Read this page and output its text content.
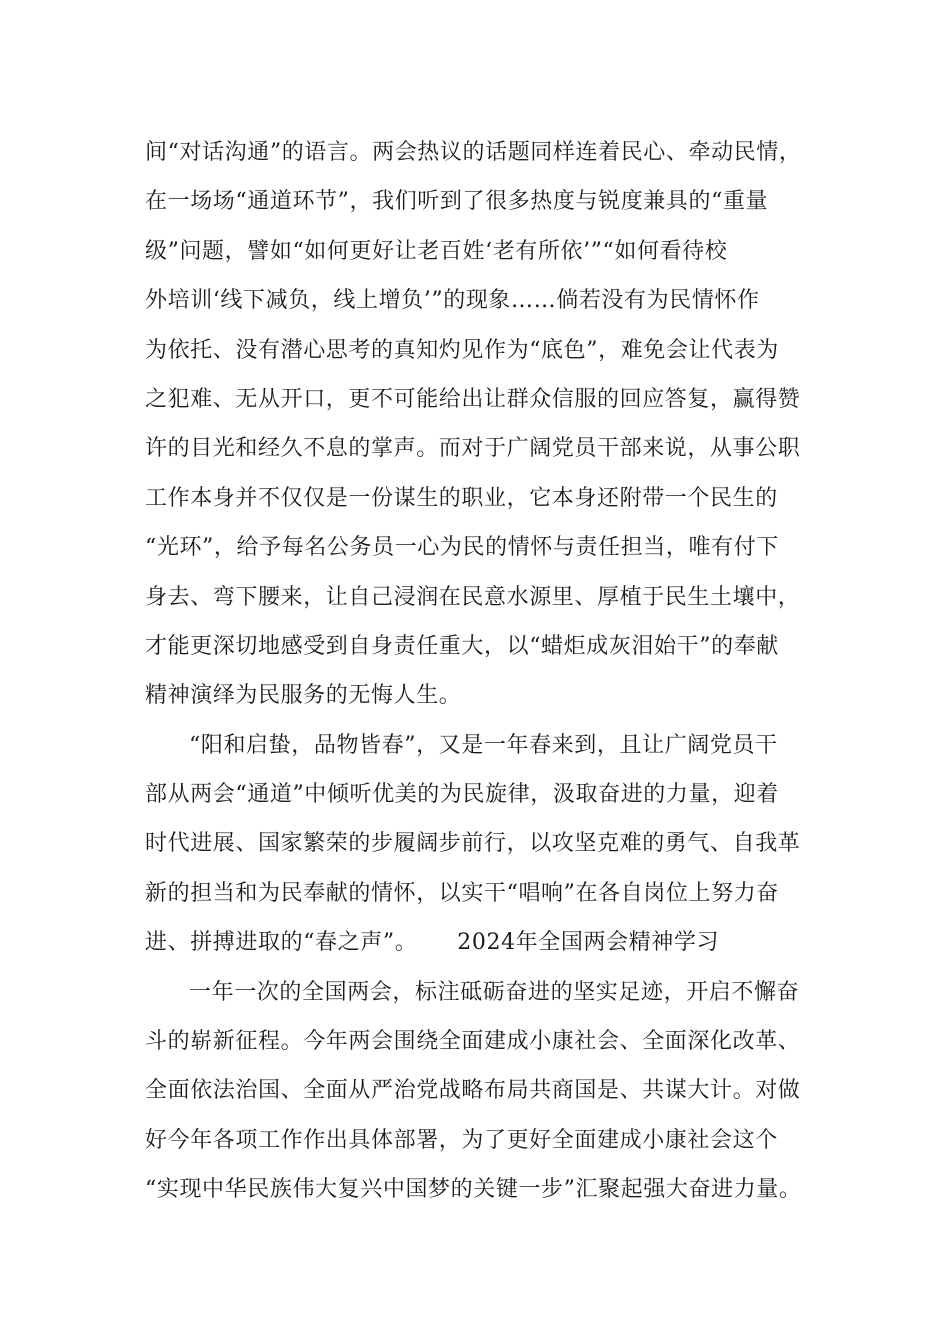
间“对话沟通”的语言。两会热议的话题同样连着民心、牵动民情，
在一场场“通道环节”，我们听到了很多热度与锐度兼具的“重量
级”问题，譬如“如何更好让老百姓‘老有所依’”“如何看待校
外培训‘线下减负，线上增负’”的现象……倘若没有为民情怀作
为依托、没有潜心思考的真知灼见作为“底色”，难免会让代表为
之犯难、无从开口，更不可能给出让群众信服的回应答复，赢得赞
许的目光和经久不息的掌声。而对于广阔党员干部来说，从事公职
工作本身并不仅仅是一份谋生的职业，它本身还附带一个民生的
“光环”，给予每名公务员一心为民的情怀与责任担当，唯有付下
身去、弯下腰来，让自己浸润在民意水源里、厚植于民生土壤中，
才能更深切地感受到自身责任重大，以“蜡炬成灰泪始干”的奉献
精神演绎为民服务的无悔人生。
“阳和启蛰，品物皆春”，又是一年春来到，且让广阔党员干
部从两会“通道”中倾听优美的为民旋律，汲取奋进的力量，迎着
时代进展、国家繁荣的步履阔步前行，以攻坚克难的勇气、自我革
新的担当和为民奉献的情怀，以实干“唱响”在各自岗位上努力奋
进、拼搏进取的“春之声”。 2024年全国两会精神学习
一年一次的全国两会，标注砥砺奋进的坚实足迹，开启不懈奋
斗的崭新征程。今年两会围绕全面建成小康社会、全面深化改革、
全面依法治国、全面从严治党战略布局共商国是、共谋大计。对做
好今年各项工作作出具体部署，为了更好全面建成小康社会这个
“实现中华民族伟大复兴中国梦的关键一步”汇聚起强大奋进力量。
